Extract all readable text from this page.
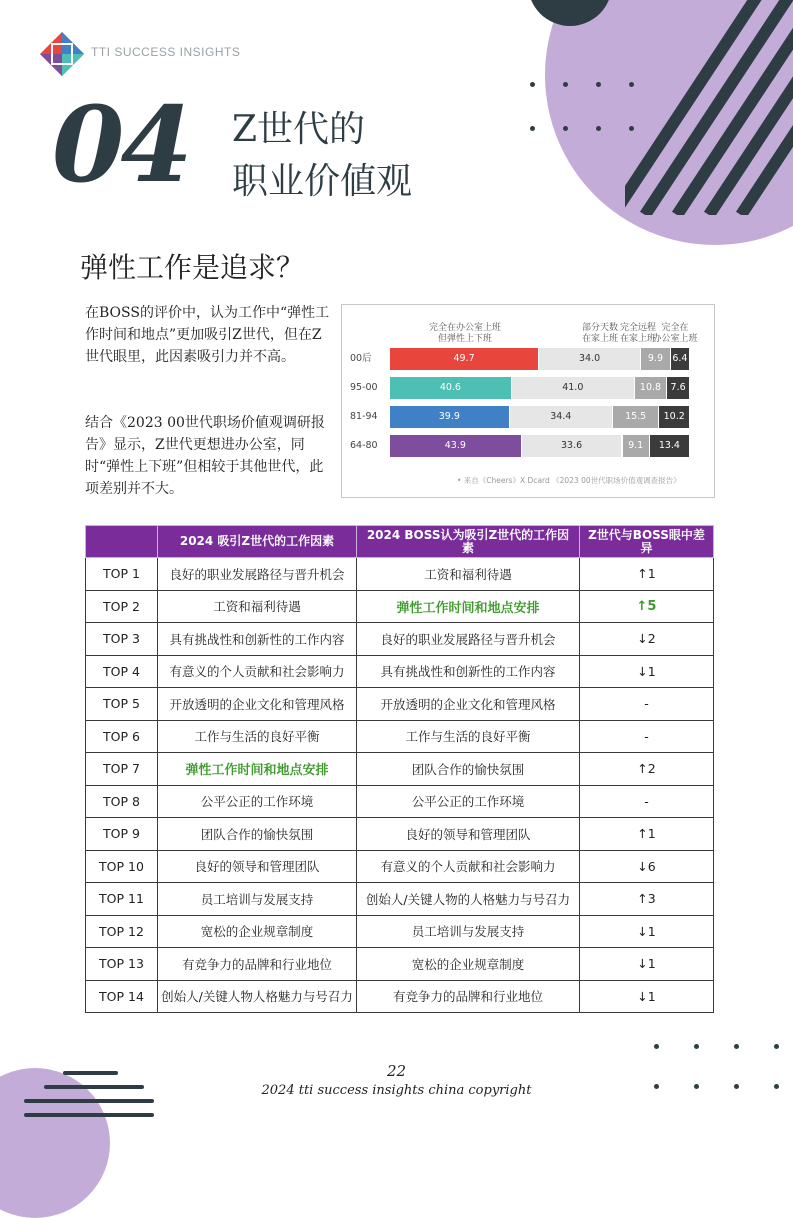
TTI SUCCESS INSIGHTS
04 Z世代的
职业价値观
弹性工作是追求？
在BOSS的评价中，认为工作中“弹性工作时间和地点”更加吸引Z世代，但在Z世代眼里，此因素吸引力并不高。
结合《2023 00世代职场价値观调研报告》显示，Z世代更想进办公室，同时“弹性上下班”但相较于其他世代，此项差别并不大。
完全在办公室上班
但弹性上下班
部分天数
在家上班
完全远程
在家上班
完全在
办公室上班
00后	49.7	34.0	9.9 6.4
95-00	40.6	41.0	10.8 7.6
81-94	39.9	34.4	15.5	10.2
64-80	43.9	33.6	9.1	13.4
• 来自《Cheers》X Dcard 《2023 00世代职场价值观调查报告》
	2024 吸引Z世代的工作因素	2024 BOSS认为吸引Z世代的工作因素	Z世代与BOSS眼中差异
TOP 1	良好的职业发展路径与晋升机会	工资和福利待遇	↑1
TOP 2	工资和福利待遇	弹性工作时间和地点安排	↑5
TOP 3	具有挑战性和创新性的工作内容	良好的职业发展路径与晋升机会	↓2
TOP 4	有意义的个人贡献和社会影响力	具有挑战性和创新性的工作内容	↓1
TOP 5	开放透明的企业文化和管理风格	开放透明的企业文化和管理风格	-
TOP 6	工作与生活的良好平衡	工作与生活的良好平衡	-
TOP 7	弹性工作时间和地点安排	团队合作的愉快氛围	↑2
TOP 8	公平公正的工作环境	公平公正的工作环境	-
TOP 9	团队合作的愉快氛围	良好的领导和管理团队	↑1
TOP 10	良好的领导和管理团队	有意义的个人贡献和社会影响力	↓6
TOP 11	员工培训与发展支持	创始人/关键人物的人格魅力与号召力	↑3
TOP 12	宽松的企业规章制度	员工培训与发展支持	↓1
TOP 13	有竞争力的品牌和行业地位	宽松的企业规章制度	↓1
TOP 14	创始人/关键人物人格魅力与号召力	有竞争力的品牌和行业地位	↓1
22
2024 tti success insights china copyright
